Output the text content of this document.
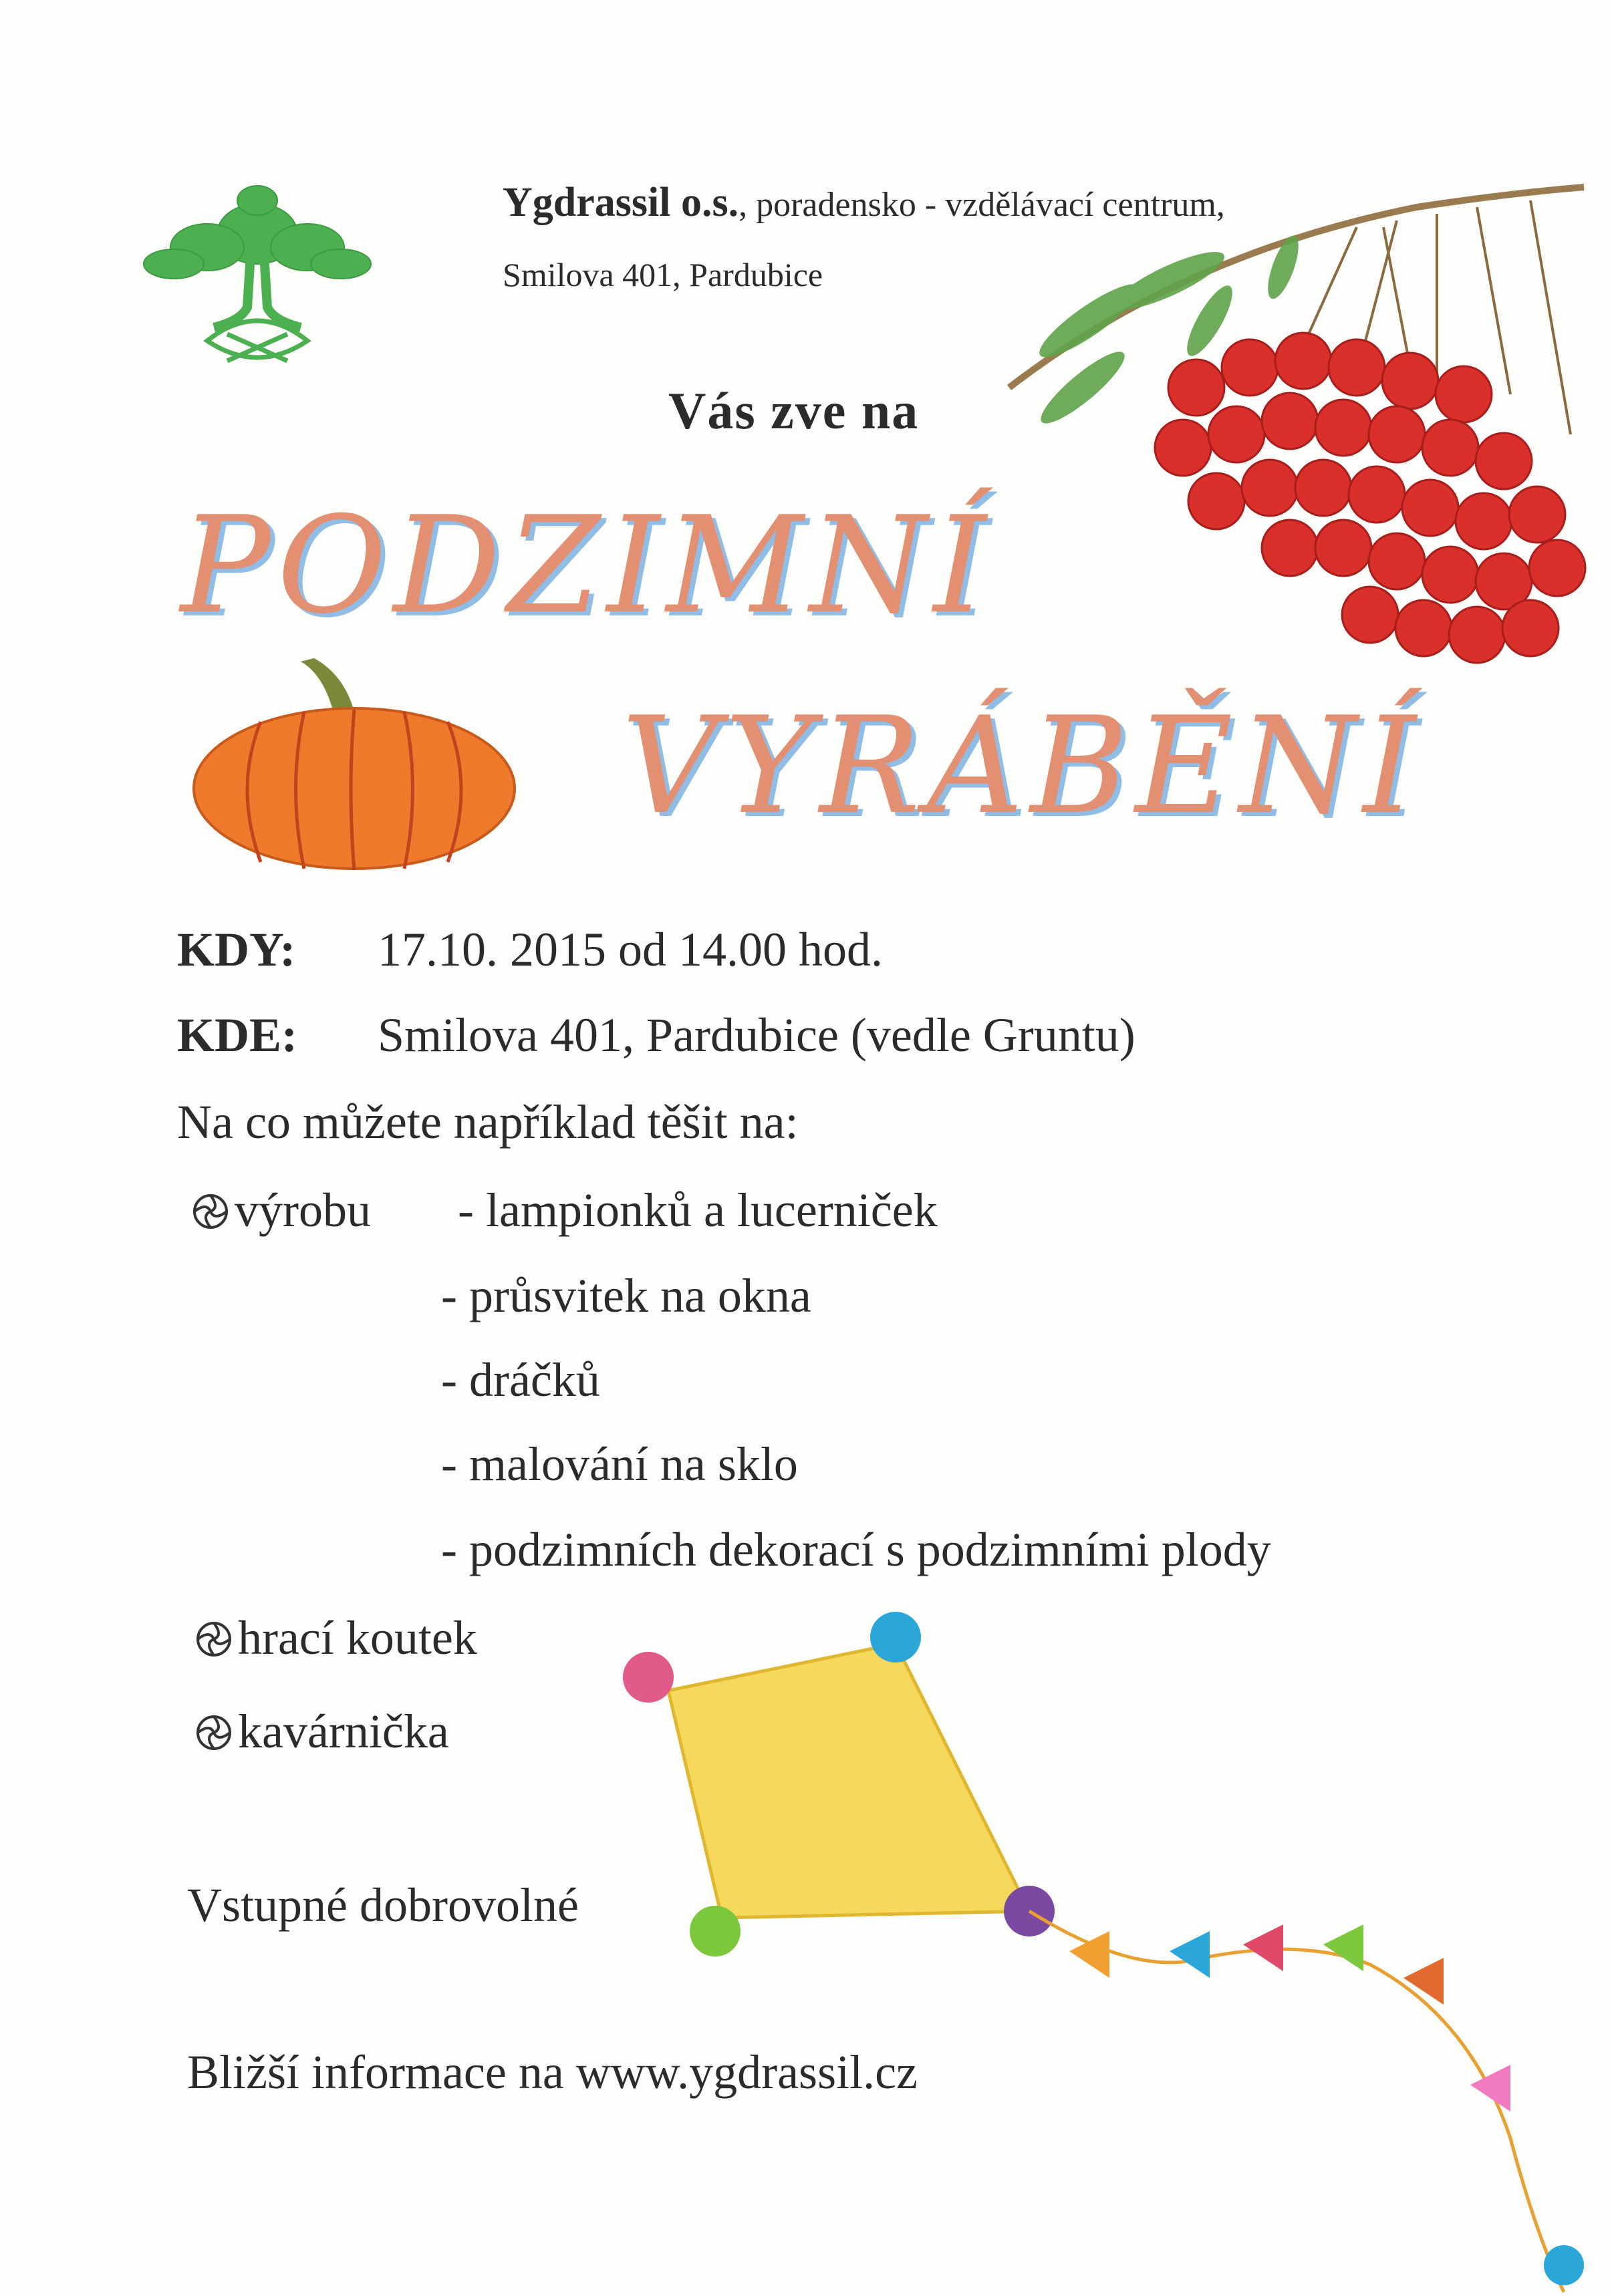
Ygdrassil o.s., poradensko - vzdělávací centrum,
Smilova 401, Pardubice
Vás zve na
PODZIMNÍ
VYRÁBĚNÍ
KDY: 17.10. 2015 od 14.00 hod.
KDE: Smilova 401, Pardubice (vedle Gruntu)
Na co můžete například těšit na:
výrobu - lampionků a lucerniček
- průsvitek na okna
- dráčků
- malování na sklo
- podzimních dekorací s podzimními plody
hrací koutek
kavárnička
Vstupné dobrovolné
Bližší informace na www.ygdrassil.cz
